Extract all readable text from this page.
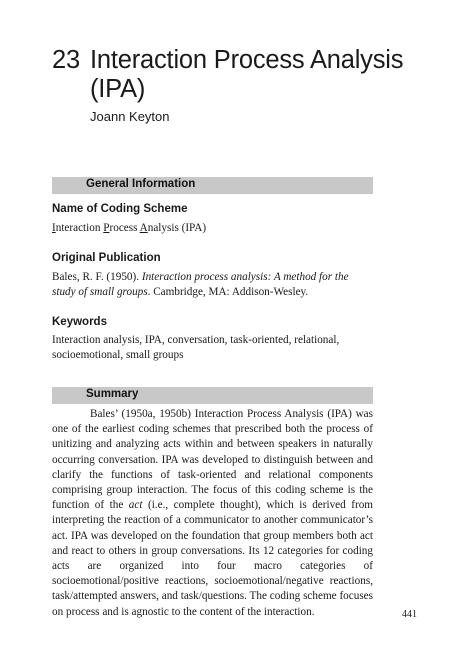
23 Interaction Process Analysis
(IPA)
Joann Keyton
General Information
Name of Coding Scheme
Interaction Process Analysis (IPA)
Original Publication
Bales, R. F. (1950). Interaction process analysis: A method for the study of small groups. Cambridge, MA: Addison-Wesley.
Keywords
Interaction analysis, IPA, conversation, task-oriented, relational, socioemotional, small groups
Summary
Bales’ (1950a, 1950b) Interaction Process Analysis (IPA) was one of the earliest coding schemes that prescribed both the process of unitizing and analyzing acts within and between speakers in naturally occurring conversation. IPA was developed to distinguish between and clarify the functions of task-oriented and relational components comprising group interaction. The focus of this coding scheme is the function of the act (i.e., complete thought), which is derived from interpreting the reaction of a communicator to another communicator’s act. IPA was developed on the foundation that group members both act and react to others in group conversations. Its 12 categories for coding acts are organized into four macro categories of socioemotional/positive reactions, socioemotional/negative reactions, task/attempted answers, and task/questions. The coding scheme focuses on process and is agnostic to the content of the interaction.	441
